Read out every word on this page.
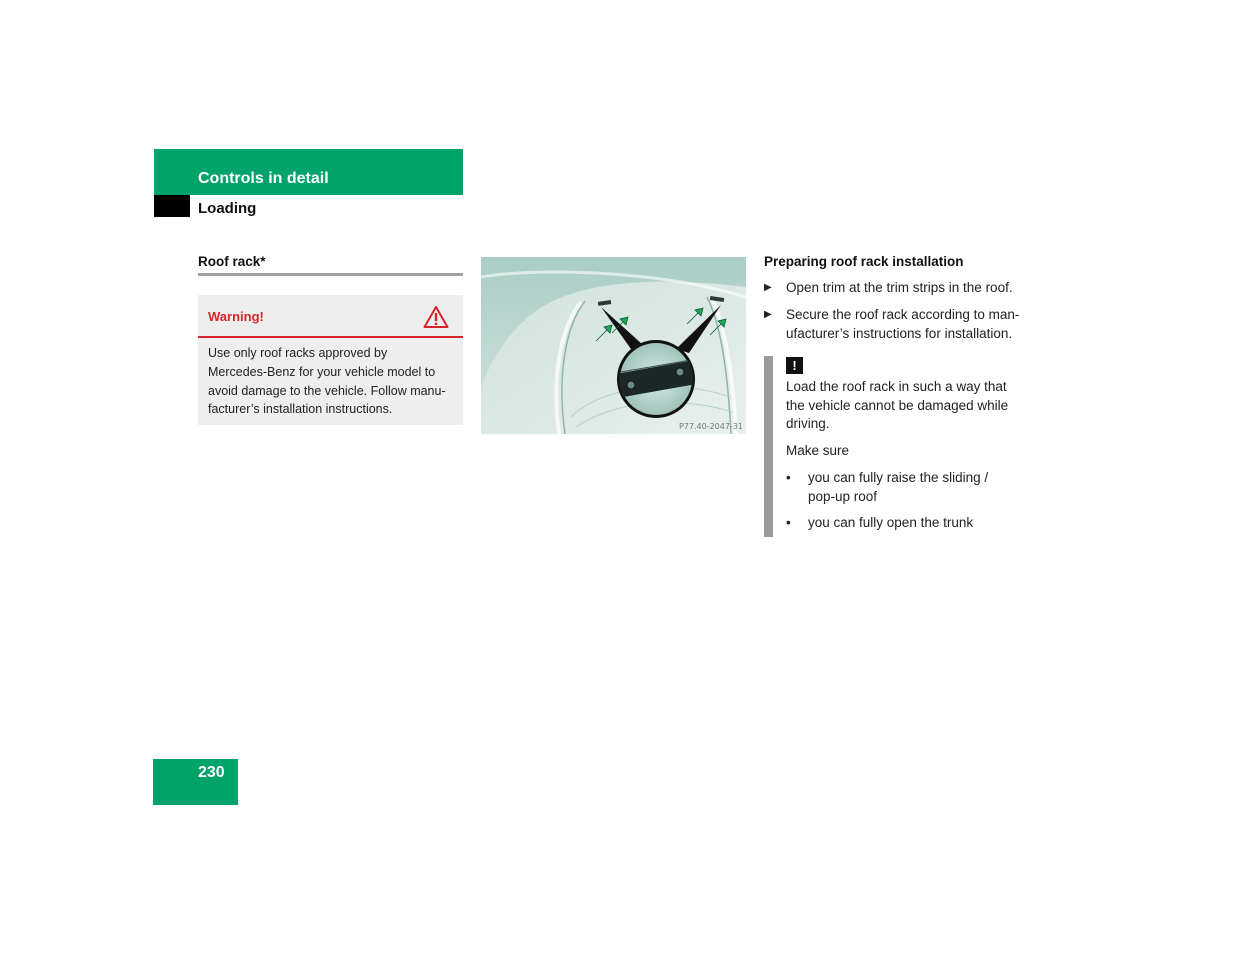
Controls in detail
Loading
Roof rack*
Warning!
Use only roof racks approved by
Mercedes-Benz for your vehicle model to
avoid damage to the vehicle. Follow manu-
facturer’s installation instructions.
P77.40-2047-31
Preparing roof rack installation
▶ Open trim at the trim strips in the roof.
▶ Secure the roof rack according to man-
ufacturer’s instructions for installation.
!
Load the roof rack in such a way that
the vehicle cannot be damaged while
driving.
Make sure
• you can fully raise the sliding /
pop-up roof
• you can fully open the trunk
230
